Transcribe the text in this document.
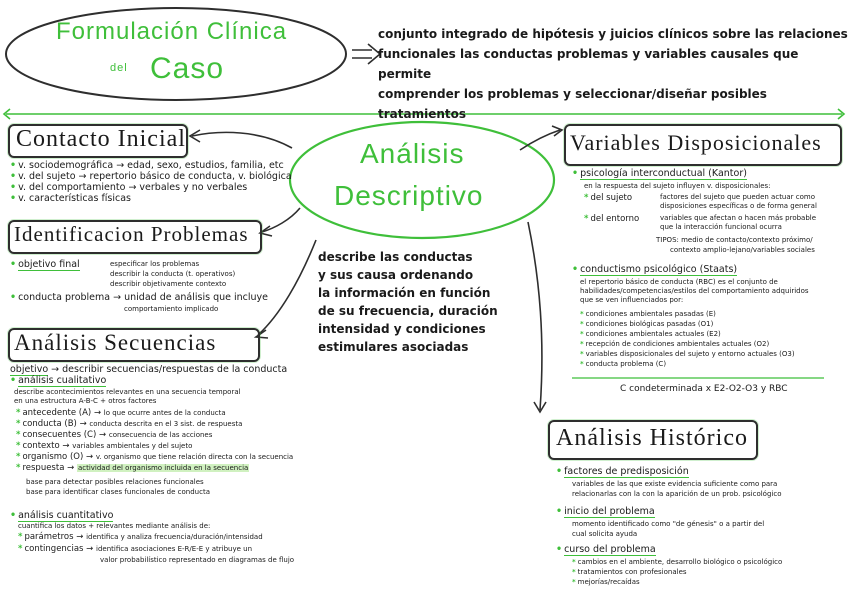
Formulación Clínica
del Caso
conjunto integrado de hipótesis y juicios clínicos sobre las relaciones
funcionales las conductas problemas y variables causales que permite
comprender los problemas y seleccionar/diseñar posibles tratamientos
Análisis
Descriptivo
describe las conductas
y sus causa ordenando
la información en función
de su frecuencia, duración
intensidad y condiciones
estimulares asociadas
Contacto Inicial
• v. sociodemográfica → edad, sexo, estudios, familia, etc
• v. del sujeto → repertorio básico de conducta, v. biológica
• v. del comportamiento → verbales y no verbales
• v. características físicas
Identificacion Problemas
• objetivo final	especificar los problemas
describir la conducta (t. operativos)
describir objetivamente contexto
• conducta problema → unidad de análisis que incluye
comportamiento implicado
Análisis Secuencias
objetivo → describir secuencias/respuestas de la conducta
• análisis cualitativo
describe acontecimientos relevantes en una secuencia temporal
en una estructura A-B-C + otros factores
* antecedente (A) → lo que ocurre antes de la conducta
* conducta (B) → conducta descrita en el 3 sist. de respuesta
* consecuentes (C) → consecuencia de las acciones
* contexto → variables ambientales y del sujeto
* organismo (O) → v. organismo que tiene relación directa con la secuencia
* respuesta → actividad del organismo incluida en la secuencia
base para detectar posibles relaciones funcionales
base para identificar clases funcionales de conducta
• análisis cuantitativo
cuantifica los datos + relevantes mediante análisis de:
* parámetros → identifica y analiza frecuencia/duración/intensidad
* contingencias → identifica asociaciones E-R/E-E y atribuye un
valor probabilístico representado en diagramas de flujo
Variables Disposicionales
• psicología interconductual (Kantor)
en la respuesta del sujeto influyen v. disposicionales:
* del sujeto	factores del sujeto que pueden actuar como
disposiciones específicas o de forma general
* del entorno	variables que afectan o hacen más probable
que la interacción funcional ocurra
TIPOS: medio de contacto/contexto próximo/
contexto amplio-lejano/variables sociales
• conductismo psicológico (Staats)
el repertorio básico de conducta (RBC) es el conjunto de
habilidades/competencias/estilos del comportamiento adquiridos
que se ven influenciados por:
* condiciones ambientales pasadas (E)
* condiciones biológicas pasadas (O1)
* condiciones ambientales actuales (E2)
* recepción de condiciones ambientales actuales (O2)
* variables disposicionales del sujeto y entorno actuales (O3)
* conducta problema (C)
C condeterminada x E2-O2-O3 y RBC
Análisis Histórico
• factores de predisposición
variables de las que existe evidencia suficiente como para
relacionarlas con la con la aparición de un prob. psicológico
• inicio del problema
momento identificado como "de génesis" o a partir del
cual solicita ayuda
• curso del problema
* cambios en el ambiente, desarrollo biológico o psicológico
* tratamientos con profesionales
* mejorías/recaídas
